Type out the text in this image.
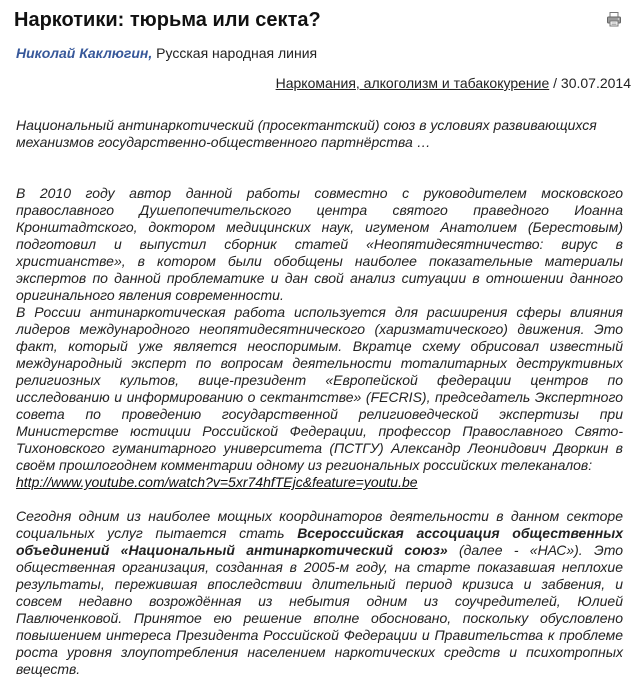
Наркотики: тюрьма или секта?
Николай Каклюгин, Русская народная линия
Наркомания, алкоголизм и табакокурение / 30.07.2014

Национальный антинаркотический (просектантский) союз в условиях развивающихся механизмов государственно-общественного партнёрства …

В 2010 году автор данной работы совместно с руководителем московского православного Душепопечительского центра святого праведного Иоанна Кронштадтского, доктором медицинских наук, игуменом Анатолием (Берестовым) подготовил и выпустил сборник статей «Неопятидесятничество: вирус в христианстве», в котором были обобщены наиболее показательные материалы экспертов по данной проблематике и дан свой анализ ситуации в отношении данного оригинального явления современности.

В России антинаркотическая работа используется для расширения сферы влияния лидеров международного неопятидесятнического (харизматического) движения. Это факт, который уже является неоспоримым. Вкратце схему обрисовал известный международный эксперт по вопросам деятельности тоталитарных деструктивных религиозных культов, вице-президент «Европейской федерации центров по исследованию и информированию о сектантстве» (FECRIS), председатель Экспертного совета по проведению государственной религиоведческой экспертизы при Министерстве юстиции Российской Федерации, профессор Православного Свято-Тихоновского гуманитарного университета (ПСТГУ) Александр Леонидович Дворкин в своём прошлогоднем комментарии одному из региональных российских телеканалов:
http://www.youtube.com/watch?v=5xr74hfTEjc&feature=youtu.be

Сегодня одним из наиболее мощных координаторов деятельности в данном секторе социальных услуг пытается стать Всероссийская ассоциация общественных объединений «Национальный антинаркотический союз» (далее - «НАС»). Это общественная организация, созданная в 2005-м году, на старте показавшая неплохие результаты, пережившая впоследствии длительный период кризиса и забвения, и совсем недавно возрождённая из небытия одним из соучредителей, Юлией Павлюченковой. Принятое ею решение вполне обосновано, поскольку обусловлено повышением интереса Президента Российской Федерации и Правительства к проблеме роста уровня злоупотребления населением наркотических средств и психотропных веществ.
